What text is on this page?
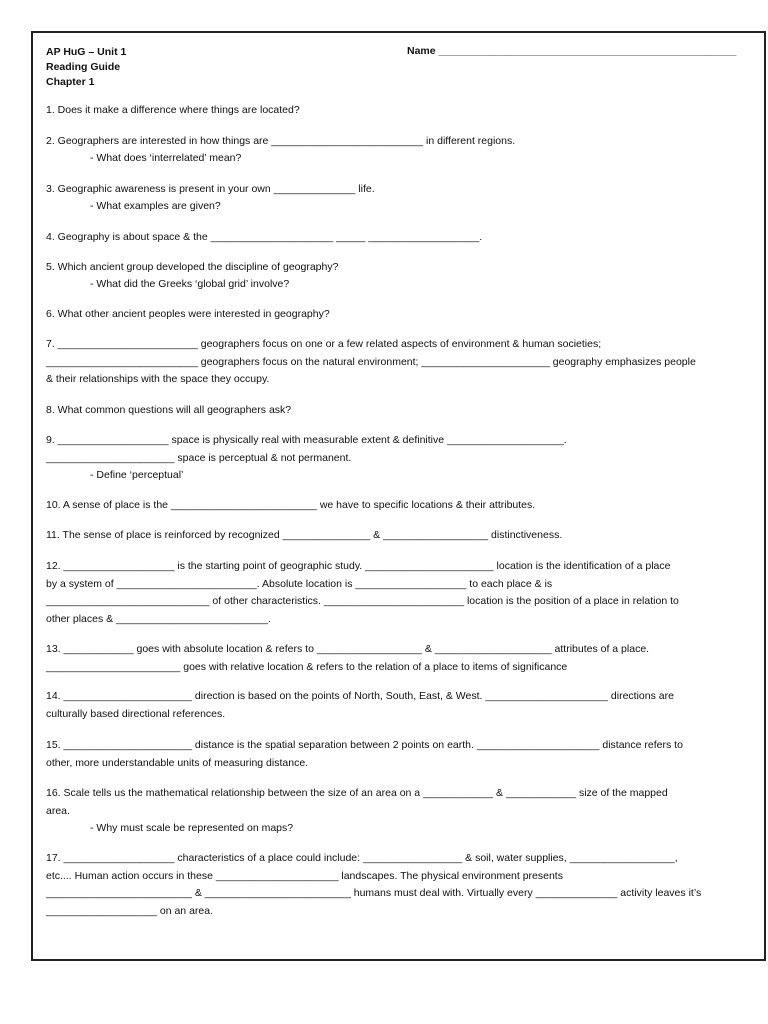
AP HuG – Unit 1
Reading Guide
Chapter 1
Name ___________________________________________________
1. Does it make a difference where things are located?
2. Geographers are interested in how things are __________________________ in different regions.
- What does ‘interrelated’ mean?
3. Geographic awareness is present in your own ______________ life.
- What examples are given?
4. Geography is about space & the _____________________ _____ ___________________.
5. Which ancient group developed the discipline of geography?
- What did the Greeks ‘global grid’ involve?
6. What other ancient peoples were interested in geography?
7. ________________________ geographers focus on one or a few related aspects of environment & human societies;
__________________________ geographers focus on the natural environment; ______________________ geography emphasizes people
& their relationships with the space they occupy.
8. What common questions will all geographers ask?
9. ___________________ space is physically real with measurable extent & definitive ____________________.
______________________ space is perceptual & not permanent.
- Define ‘perceptual’
10. A sense of place is the _________________________ we have to specific locations & their attributes.
11. The sense of place is reinforced by recognized _______________ & __________________ distinctiveness.
12. ___________________ is the starting point of geographic study. ______________________ location is the identification of a place
by a system of ________________________. Absolute location is ___________________ to each place & is
____________________________ of other characteristics. ________________________ location is the position of a place in relation to
other places & __________________________.
13. ____________ goes with absolute location & refers to __________________ & ____________________ attributes of a place.
_______________________ goes with relative location & refers to the relation of a place to items of significance
14. ______________________ direction is based on the points of North, South, East, & West. _____________________ directions are
culturally based directional references.
15. ______________________ distance is the spatial separation between 2 points on earth. _____________________ distance refers to
other, more understandable units of measuring distance.
16. Scale tells us the mathematical relationship between the size of an area on a ____________ & ____________ size of the mapped
area.
- Why must scale be represented on maps?
17. ___________________ characteristics of a place could include: _________________ & soil, water supplies, __________________,
etc.... Human action occurs in these _____________________ landscapes. The physical environment presents
_________________________ & _________________________ humans must deal with. Virtually every ______________ activity leaves it’s
___________________ on an area.
